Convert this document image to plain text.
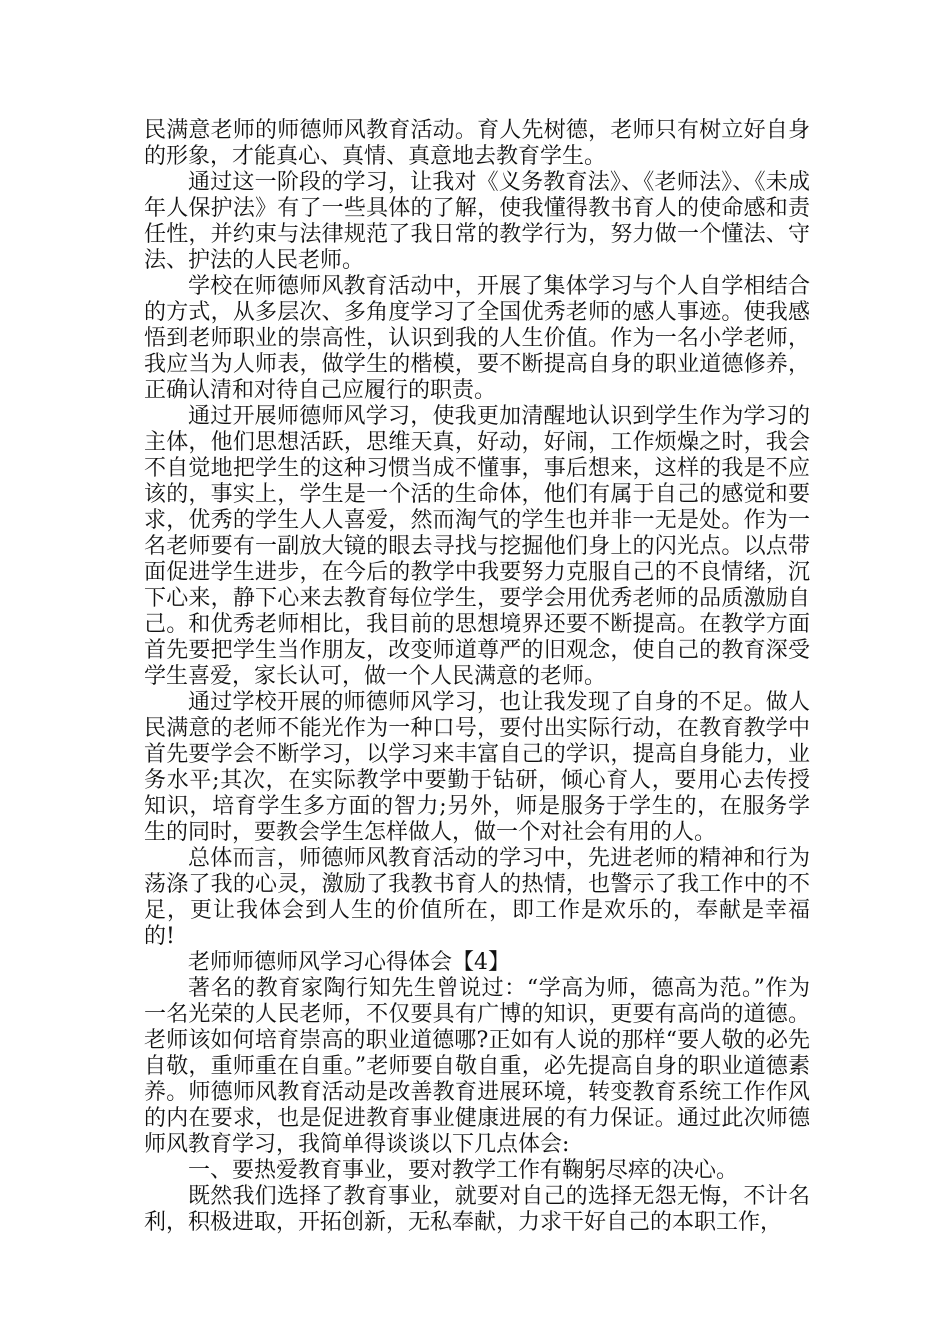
民满意老师的师德师风教育活动。育人先树德，老师只有树立好自身的形象，才能真心、真情、真意地去教育学生。

通过这一阶段的学习，让我对《义务教育法》、《老师法》、《未成年人保护法》有了一些具体的了解，使我懂得教书育人的使命感和责任性，并约束与法律规范了我日常的教学行为，努力做一个懂法、守法、护法的人民老师。

学校在师德师风教育活动中，开展了集体学习与个人自学相结合的方式，从多层次、多角度学习了全国优秀老师的感人事迹。使我感悟到老师职业的崇高性，认识到我的人生价值。作为一名小学老师，我应当为人师表，做学生的楷模，要不断提高自身的职业道德修养，正确认清和对待自己应履行的职责。

通过开展师德师风学习，使我更加清醒地认识到学生作为学习的主体，他们思想活跃，思维天真，好动，好闹，工作烦燥之时，我会不自觉地把学生的这种习惯当成不懂事，事后想来，这样的我是不应该的，事实上，学生是一个活的生命体，他们有属于自己的感觉和要求，优秀的学生人人喜爱，然而淘气的学生也并非一无是处。作为一名老师要有一副放大镜的眼去寻找与挖掘他们身上的闪光点。以点带面促进学生进步，在今后的教学中我要努力克服自己的不良情绪，沉下心来，静下心来去教育每位学生，要学会用优秀老师的品质激励自己。和优秀老师相比，我目前的思想境界还要不断提高。在教学方面首先要把学生当作朋友，改变师道尊严的旧观念，使自己的教育深受学生喜爱，家长认可，做一个人民满意的老师。

通过学校开展的师德师风学习，也让我发现了自身的不足。做人民满意的老师不能光作为一种口号，要付出实际行动，在教育教学中首先要学会不断学习，以学习来丰富自己的学识，提高自身能力，业务水平;其次，在实际教学中要勤于钻研，倾心育人，要用心去传授知识，培育学生多方面的智力;另外，师是服务于学生的，在服务学生的同时，要教会学生怎样做人，做一个对社会有用的人。

总体而言，师德师风教育活动的学习中，先进老师的精神和行为荡涤了我的心灵，激励了我教书育人的热情，也警示了我工作中的不足，更让我体会到人生的价值所在，即工作是欢乐的，奉献是幸福的!

老师师德师风学习心得体会【4】

著名的教育家陶行知先生曾说过：“学高为师，德高为范。”作为一名光荣的人民老师，不仅要具有广博的知识，更要有高尚的道德。老师该如何培育崇高的职业道德哪?正如有人说的那样“要人敬的必先自敬，重师重在自重。”老师要自敬自重，必先提高自身的职业道德素养。师德师风教育活动是改善教育进展环境，转变教育系统工作作风的内在要求，也是促进教育事业健康进展的有力保证。通过此次师德师风教育学习，我简单得谈谈以下几点体会:

一、要热爱教育事业，要对教学工作有鞠躬尽瘁的决心。

既然我们选择了教育事业，就要对自己的选择无怨无悔，不计名利，积极进取，开拓创新，无私奉献，力求干好自己的本职工作，
